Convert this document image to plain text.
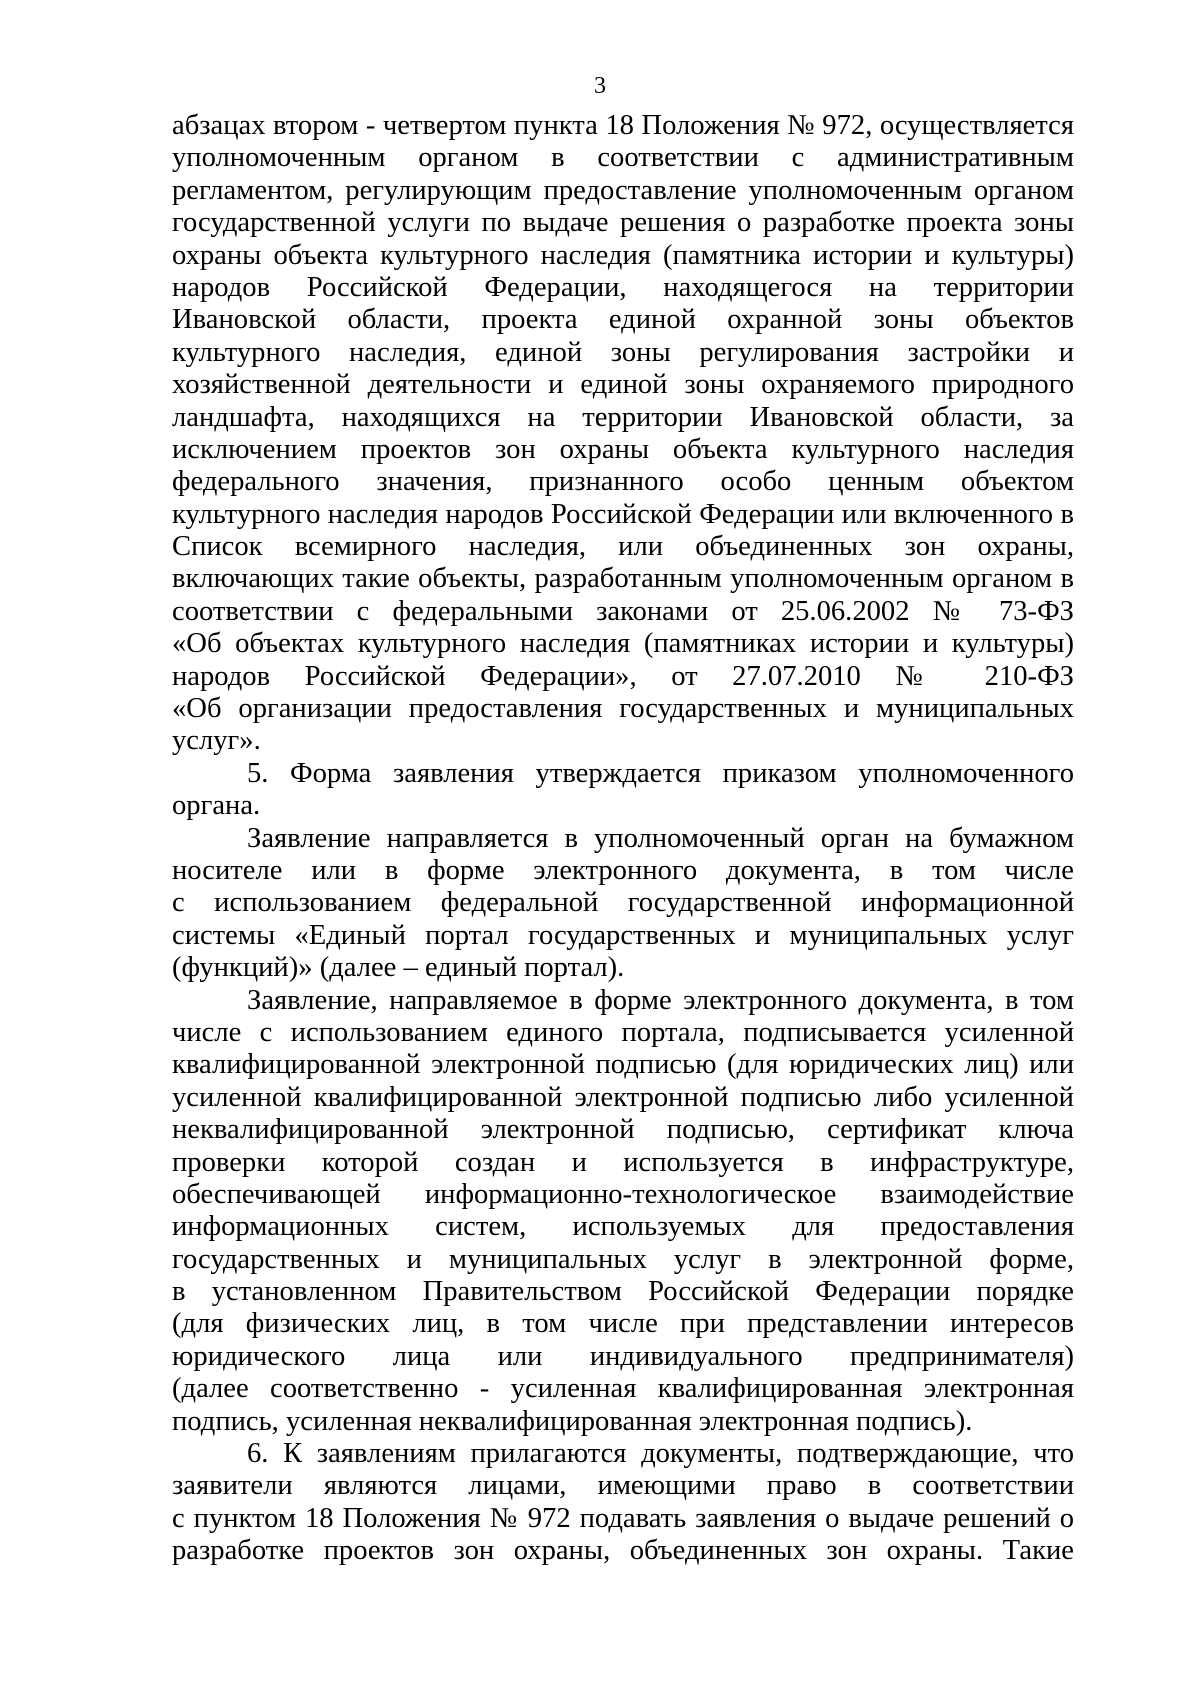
3
абзацах втором - четвертом пункта 18 Положения № 972, осуществляется
уполномоченным органом в соответствии с административным
регламентом, регулирующим предоставление уполномоченным органом
государственной услуги по выдаче решения о разработке проекта зоны
охраны объекта культурного наследия (памятника истории и культуры)
народов Российской Федерации, находящегося на территории
Ивановской области, проекта единой охранной зоны объектов
культурного наследия, единой зоны регулирования застройки и
хозяйственной деятельности и единой зоны охраняемого природного
ландшафта, находящихся на территории Ивановской области, за
исключением проектов зон охраны объекта культурного наследия
федерального значения, признанного особо ценным объектом
культурного наследия народов Российской Федерации или включенного в
Список всемирного наследия, или объединенных зон охраны,
включающих такие объекты, разработанным уполномоченным органом в
соответствии с федеральными законами от 25.06.2002 № 73-ФЗ
«Об объектах культурного наследия (памятниках истории и культуры)
народов Российской Федерации», от 27.07.2010 № 210-ФЗ
«Об организации предоставления государственных и муниципальных
услуг».
5. Форма заявления утверждается приказом уполномоченного
органа.
Заявление направляется в уполномоченный орган на бумажном
носителе или в форме электронного документа, в том числе
с использованием федеральной государственной информационной
системы «Единый портал государственных и муниципальных услуг
(функций)» (далее – единый портал).
Заявление, направляемое в форме электронного документа, в том
числе с использованием единого портала, подписывается усиленной
квалифицированной электронной подписью (для юридических лиц) или
усиленной квалифицированной электронной подписью либо усиленной
неквалифицированной электронной подписью, сертификат ключа
проверки которой создан и используется в инфраструктуре,
обеспечивающей информационно-технологическое взаимодействие
информационных систем, используемых для предоставления
государственных и муниципальных услуг в электронной форме,
в установленном Правительством Российской Федерации порядке
(для физических лиц, в том числе при представлении интересов
юридического лица или индивидуального предпринимателя)
(далее соответственно - усиленная квалифицированная электронная
подпись, усиленная неквалифицированная электронная подпись).
6. К заявлениям прилагаются документы, подтверждающие, что
заявители являются лицами, имеющими право в соответствии
с пунктом 18 Положения № 972 подавать заявления о выдаче решений о
разработке проектов зон охраны, объединенных зон охраны. Такие
